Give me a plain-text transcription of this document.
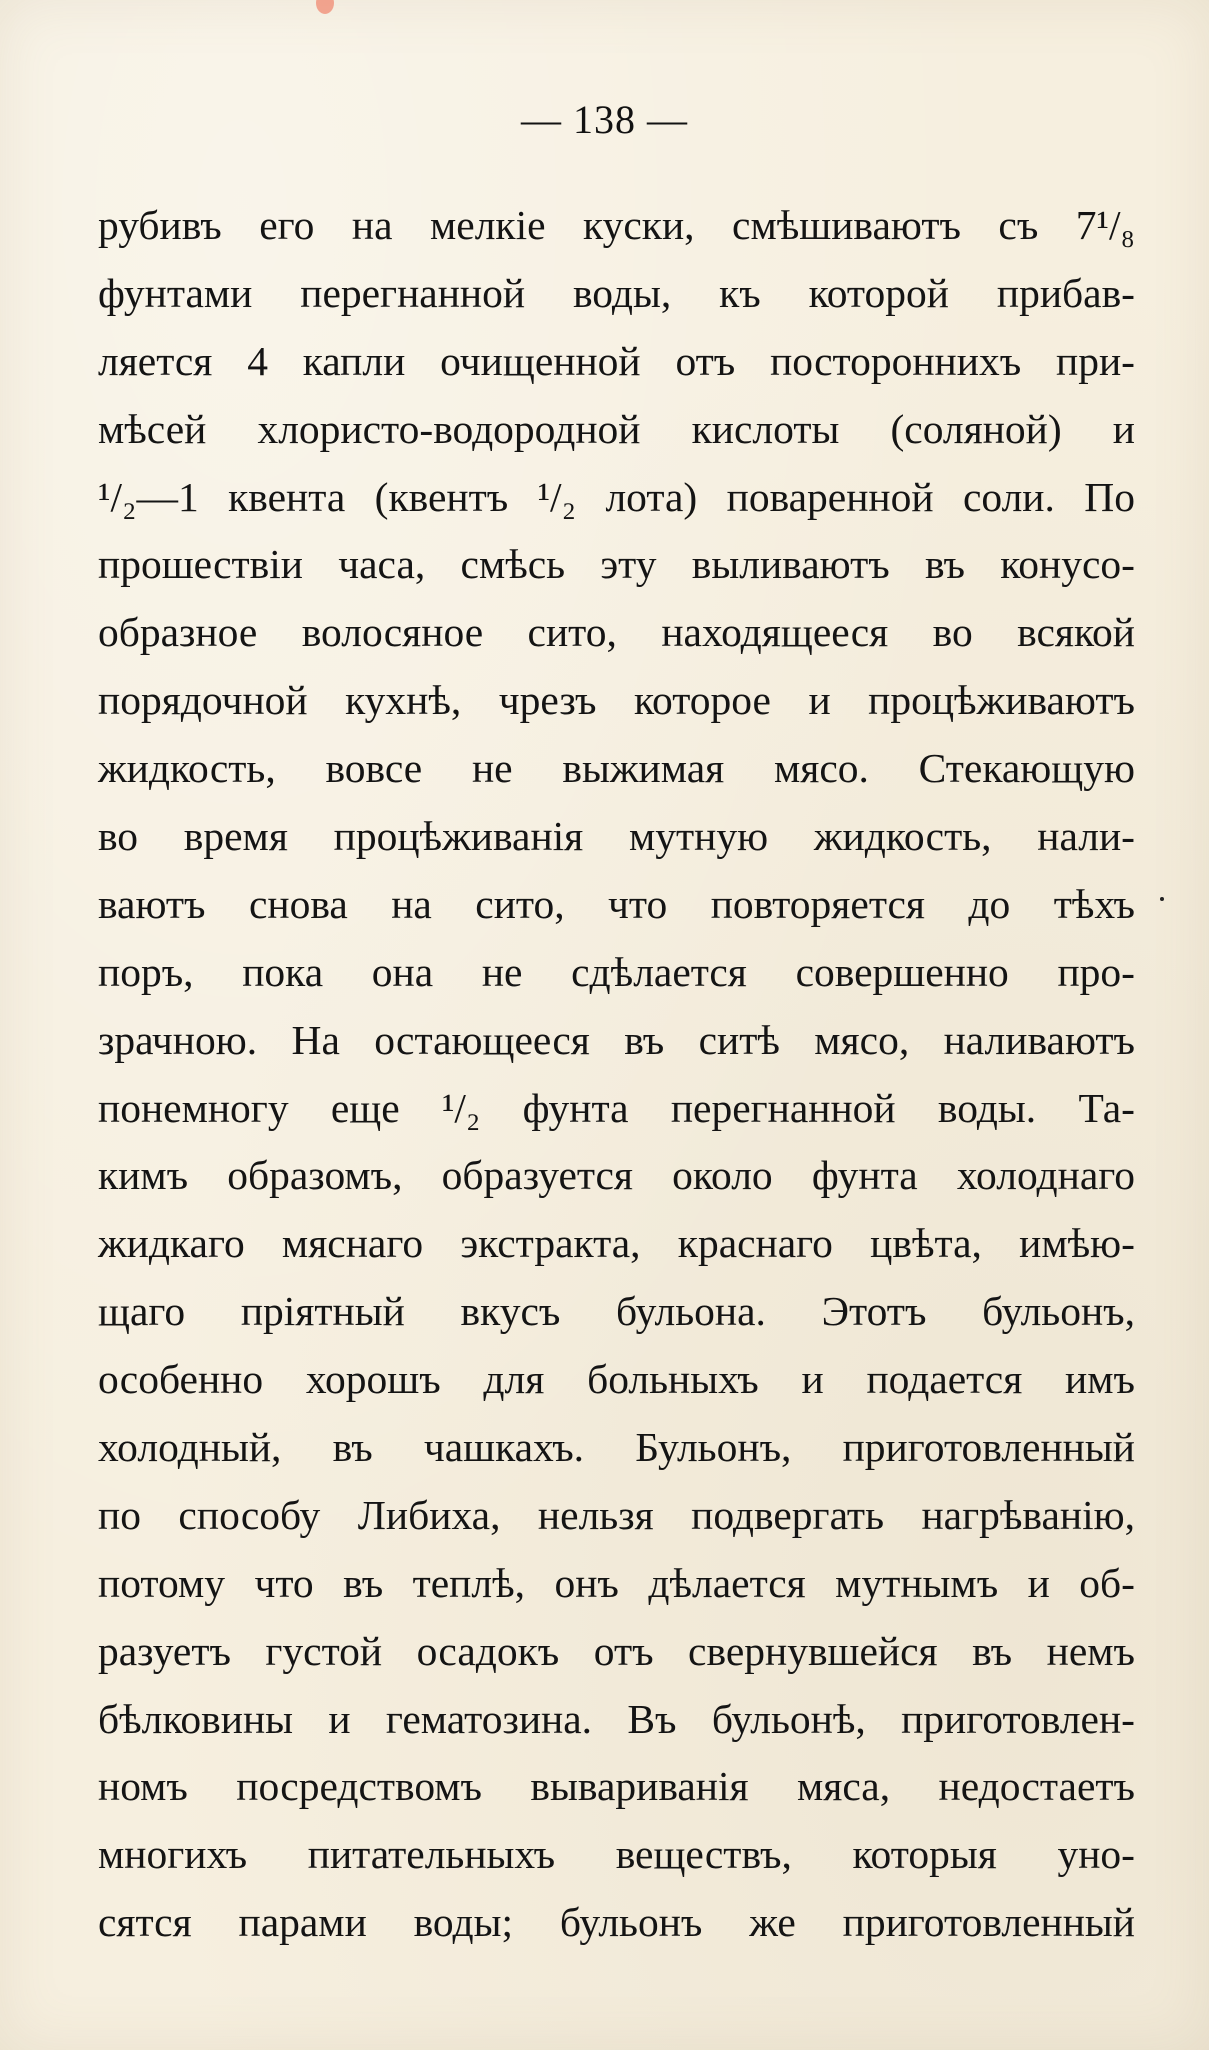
— 138 —
рубивъ его на мелкіе куски, смѣшиваютъ съ 7¹/₈
фунтами перегнанной воды, къ которой прибав-
ляется 4 капли очищенной отъ посторонниxъ при-
мѣсей хлористо-водородной кислоты (соляной) и
¹/₂—1 квента (квентъ ¹/₂ лота) поваренной соли. По
прошествіи часа, смѣсь эту выливаютъ въ конусо-
образное волосяное сито, находящееся во всякой
порядочной кухнѣ, чрезъ которое и процѣживаютъ
жидкость, вовсе не выжимая мясо. Стекающую
во время процѣживанія мутную жидкость, нали-
ваютъ снова на сито, что повторяется до тѣхъ
поръ, пока она не сдѣлается совершенно про-
зрачною. На остающееся въ ситѣ мясо, наливаютъ
понемногу еще ¹/₂ фунта перегнанной воды. Та-
кимъ образомъ, образуется около фунта холоднаго
жидкаго мяснаго экстракта, краснаго цвѣта, имѣю-
щаго пріятный вкусъ бульона. Этотъ бульонъ,
особенно хорошъ для больныхъ и подается имъ
холодный, въ чашкахъ. Бульонъ, приготовленный
по способу Либиха, нельзя подвергать нагрѣванію,
потому что въ теплѣ, онъ дѣлается мутнымъ и об-
разуетъ густой осадокъ отъ свернувшейся въ немъ
бѣлковины и гематозина. Въ бульонѣ, приготовлен-
номъ посредствомъ вывариванія мяса, недостаетъ
многихъ питательныхъ веществъ, которыя уно-
сятся парами воды; бульонъ же приготовленный
